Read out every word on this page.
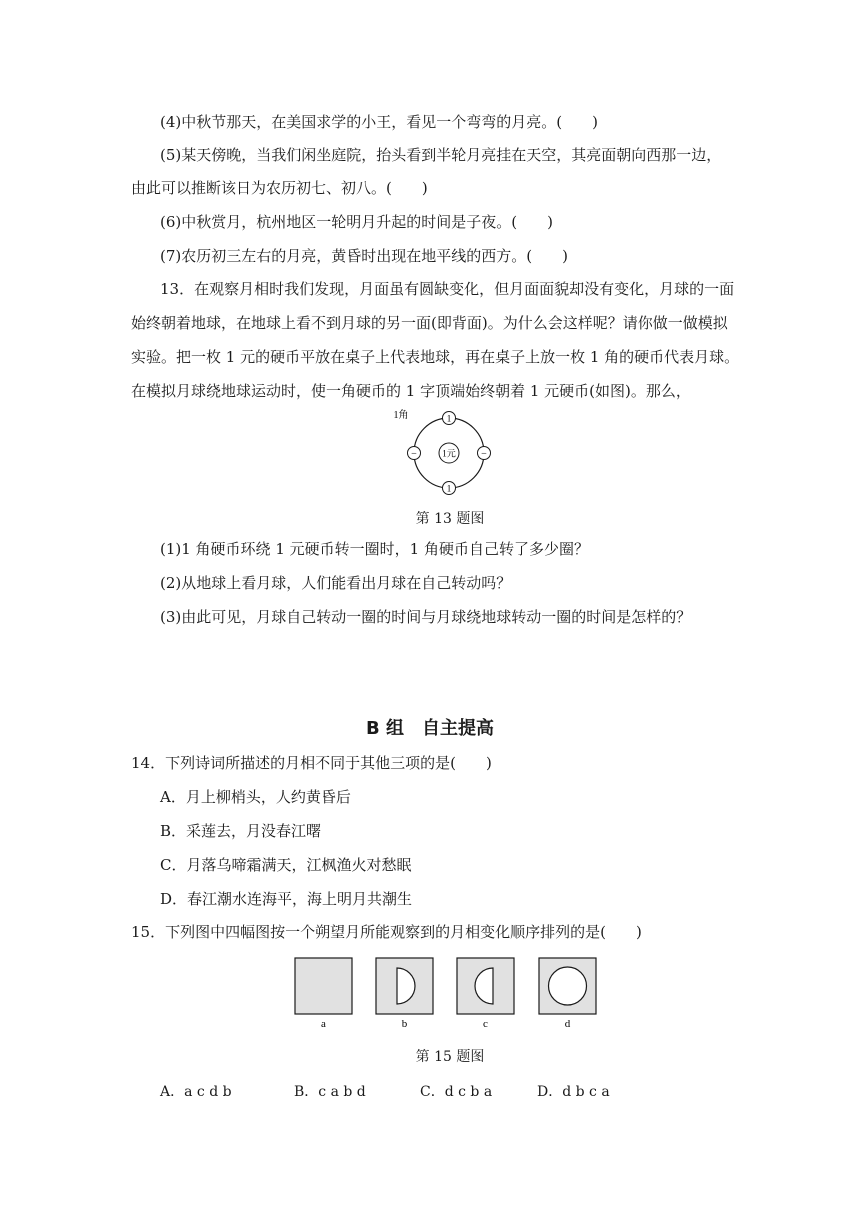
(4)中秋节那天，在美国求学的小王，看见一个弯弯的月亮。(　　)
(5)某天傍晚，当我们闲坐庭院，抬头看到半轮月亮挂在天空，其亮面朝向西那一边，
由此可以推断该日为农历初七、初八。(　　)
(6)中秋赏月，杭州地区一轮明月升起的时间是子夜。(　　)
(7)农历初三左右的月亮，黄昏时出现在地平线的西方。(　　)
13．在观察月相时我们发现，月面虽有圆缺变化，但月面面貌却没有变化，月球的一面
始终朝着地球，在地球上看不到月球的另一面(即背面)。为什么会这样呢？请你做一做模拟
实验。把一枚 1 元的硬币平放在桌子上代表地球，再在桌子上放一枚 1 角的硬币代表月球。
在模拟月球绕地球运动时，使一角硬币的 1 字顶端始终朝着 1 元硬币(如图)。那么，
1元
1
1
−	−
1角
第 13 题图
(1)1 角硬币环绕 1 元硬币转一圈时，1 角硬币自己转了多少圈？
(2)从地球上看月球，人们能看出月球在自己转动吗？
(3)由此可见，月球自己转动一圈的时间与月球绕地球转动一圈的时间是怎样的？
B 组　自主提高
14．下列诗词所描述的月相不同于其他三项的是(　　)
A．月上柳梢头，人约黄昏后
B．采莲去，月没春江曙
C．月落乌啼霜满天，江枫渔火对愁眠
D．春江潮水连海平，海上明月共潮生
15．下列图中四幅图按一个朔望月所能观察到的月相变化顺序排列的是(　　)
a	b	c	d
第 15 题图
A．a c d b	B．c a b d	C．d c b a	D．d b c a
